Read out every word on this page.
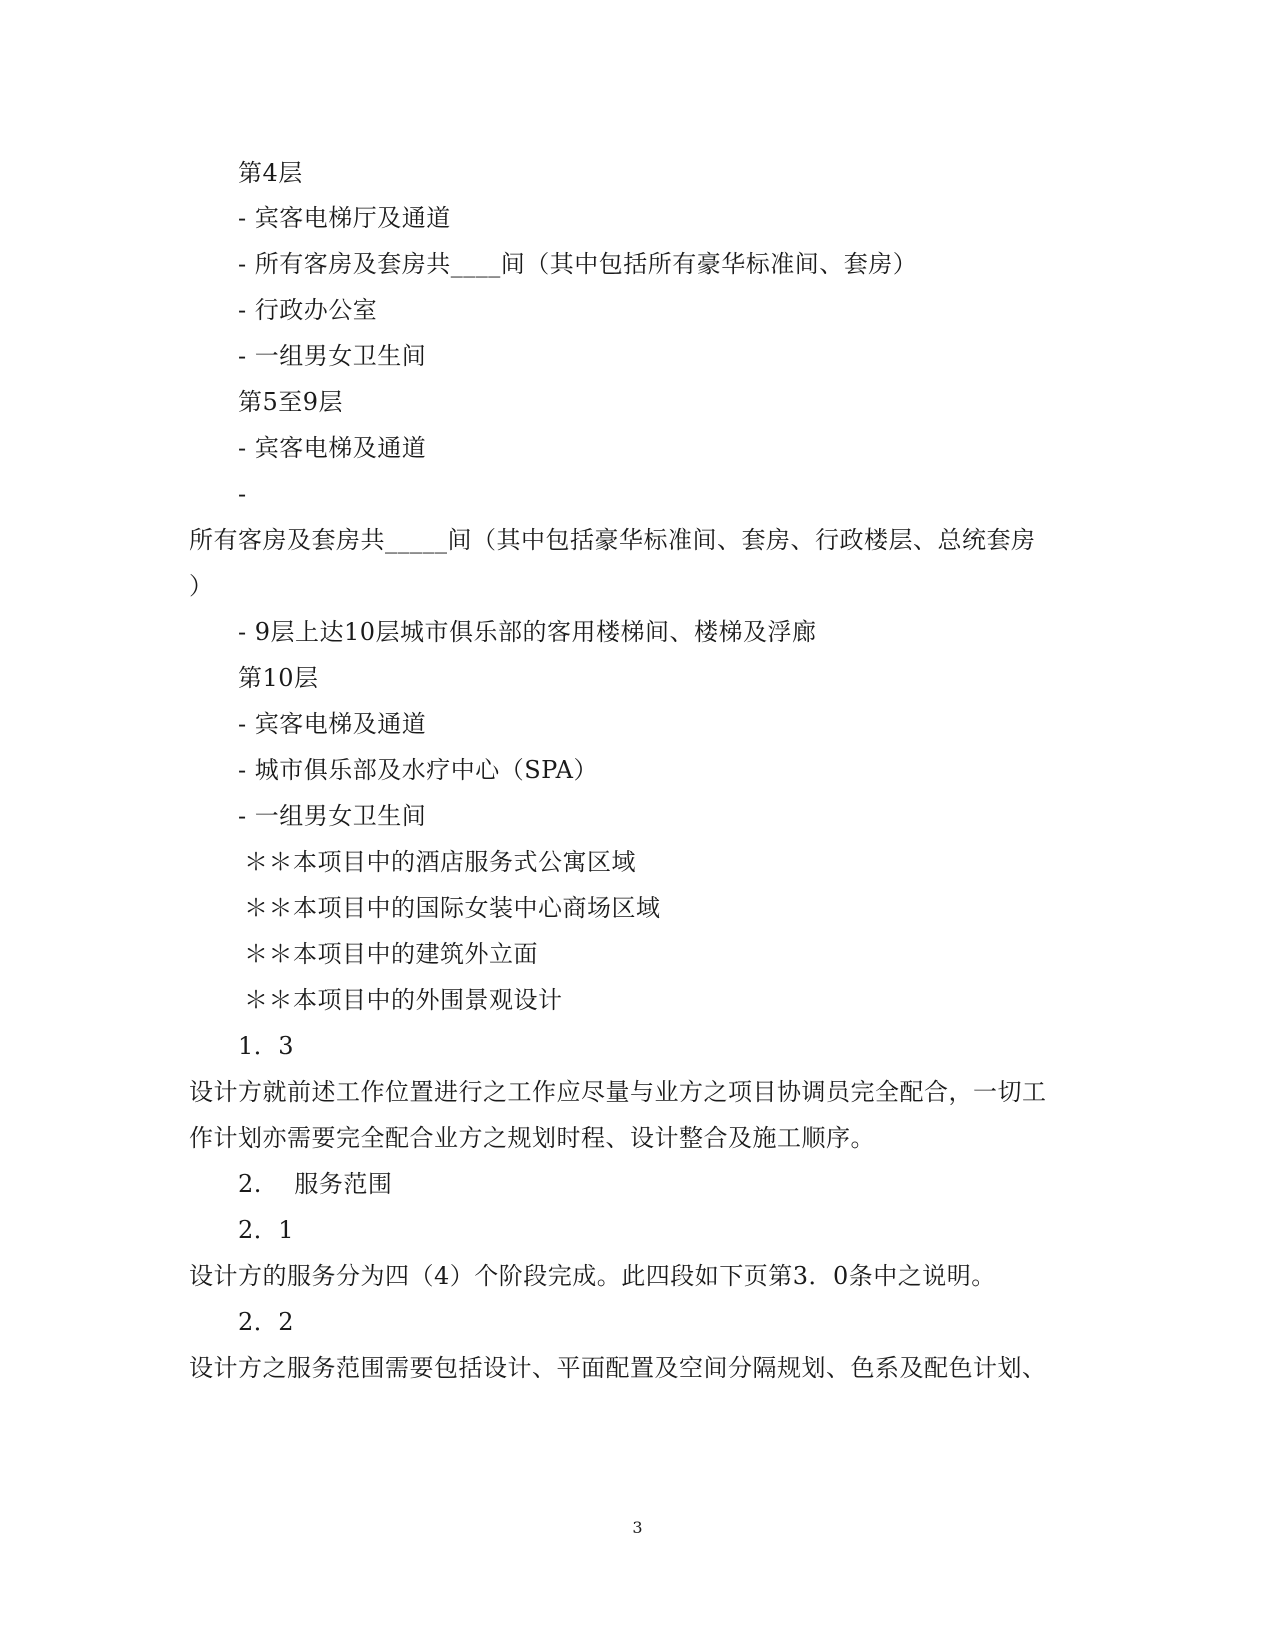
第4层
- 宾客电梯厅及通道
- 所有客房及套房共____间（其中包括所有豪华标准间、套房）
- 行政办公室
- 一组男女卫生间
第5至9层
- 宾客电梯及通道
-
所有客房及套房共_____间（其中包括豪华标准间、套房、行政楼层、总统套房
）
- 9层上达10层城市俱乐部的客用楼梯间、楼梯及浮廊
第10层
- 宾客电梯及通道
- 城市俱乐部及水疗中心（SPA）
- 一组男女卫生间
＊＊本项目中的酒店服务式公寓区域
＊＊本项目中的国际女装中心商场区域
＊＊本项目中的建筑外立面
＊＊本项目中的外围景观设计
1．3
设计方就前述工作位置进行之工作应尽量与业方之项目协调员完全配合，一切工
作计划亦需要完全配合业方之规划时程、设计整合及施工顺序。
2.    服务范围
2．1
设计方的服务分为四（4）个阶段完成。此四段如下页第3．0条中之说明。
2．2
设计方之服务范围需要包括设计、平面配置及空间分隔规划、色系及配色计划、
3
